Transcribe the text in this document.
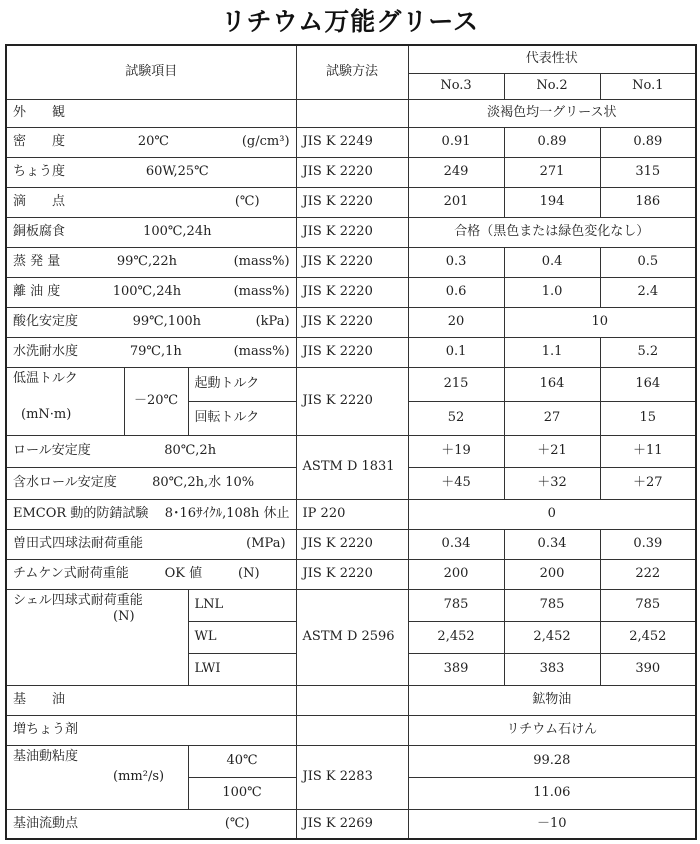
リチウム万能グリース
試験項目			試験方法	代表性状		
				No.3	No.2	No.1
外　　観				淡褐色均一グリース状		

密　　度 20℃ (g/cm³)			JIS K 2249	0.91	0.89	0.89

ちょう度 60W,25℃			JIS K 2220	249	271	315

滴　　点 (℃)			JIS K 2220	201	194	186

銅板腐食 100℃,24h			JIS K 2220	合格（黒色または緑色変化なし）		

蒸 発 量 99℃,22h (mass%)			JIS K 2220	0.3	0.4	0.5

離 油 度 100℃,24h (mass%)			JIS K 2220	0.6	1.0	2.4

酸化安定度 99℃,100h (kPa)			JIS K 2220	20	10	

水洗耐水度 79℃,1h (mass%)			JIS K 2220	0.1	1.1	5.2

低温トルク
(mN·m)	－20℃	起動トルク	JIS K 2220	215	164	164
		回転トルク		52	27	15

ロール安定度 80℃,2h			ASTM D 1831	＋19	＋21	＋11

含水ロール安定度 80℃,2h,水 10%				＋45	＋32	＋27

EMCOR 動的防錆試験 8･16ｻｲｸﾙ,108h 休止			IP 220	0		

曽田式四球法耐荷重能 (MPa)			JIS K 2220	0.34	0.34	0.39

チムケン式耐荷重能 OK 値 (N)			JIS K 2220	200	200	222

シェル四球式耐荷重能
(N)		LNL	ASTM D 2596	785	785	785
		WL		2,452	2,452	2,452
		LWI		389	383	390
基　　油				鉱物油		
増ちょう剤				リチウム石けん		

基油動粘度
(mm²/s)		40℃	JIS K 2283	99.28		
		100℃		11.06		

基油流動点 (℃)			JIS K 2269	－10		
